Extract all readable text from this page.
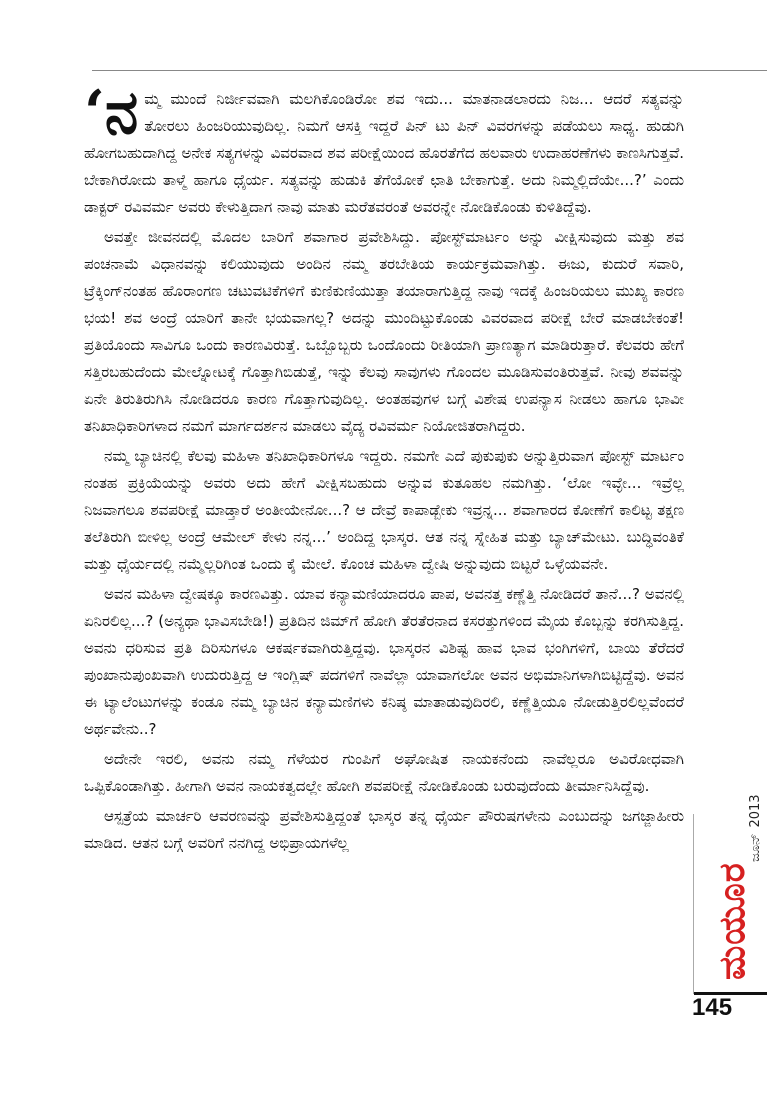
‘ನಮ್ಮ ಮುಂದೆ ನಿರ್ಜೀವವಾಗಿ ಮಲಗಿಕೊಂಡಿರೋ ಶವ ಇದು... ಮಾತನಾಡಲಾರದು ನಿಜ... ಆದರೆ ಸತ್ಯವನ್ನು ತೋರಲು ಹಿಂಜರಿಯುವುದಿಲ್ಲ. ನಿಮಗೆ ಆಸಕ್ತಿ ಇದ್ದರೆ ಪಿನ್ ಟು ಪಿನ್ ವಿವರಗಳನ್ನು ಪಡೆಯಲು ಸಾಧ್ಯ. ಹುಡುಗಿ ಹೋಗಬಹುದಾಗಿದ್ದ ಅನೇಕ ಸತ್ಯಗಳನ್ನು ವಿವರವಾದ ಶವ ಪರೀಕ್ಷೆಯಿಂದ ಹೊರತೆಗೆದ ಹಲವಾರು ಉದಾಹರಣೆಗಳು ಕಾಣಸಿಗುತ್ತವೆ. ಬೇಕಾಗಿರೋದು ತಾಳ್ಮೆ ಹಾಗೂ ಧೈರ್ಯ. ಸತ್ಯವನ್ನು ಹುಡುಕಿ ತೆಗೆಯೋಕೆ ಛಾತಿ ಬೇಕಾಗುತ್ತೆ. ಅದು ನಿಮ್ಮಲ್ಲಿದೆಯೇ...?’ ಎಂದು ಡಾಕ್ಟರ್ ರವಿವರ್ಮ ಅವರು ಕೇಳುತ್ತಿದಾಗ ನಾವು ಮಾತು ಮರೆತವರಂತೆ ಅವರನ್ನೇ ನೋಡಿಕೊಂಡು ಕುಳಿತಿದ್ದೆವು.

ಅವತ್ತೇ ಜೀವನದಲ್ಲಿ ಮೊದಲ ಬಾರಿಗೆ ಶವಾಗಾರ ಪ್ರವೇಶಿಸಿದ್ದು. ಪೋಸ್ಟ್‌ಮಾರ್ಟಂ ಅನ್ನು ವೀಕ್ಷಿಸುವುದು ಮತ್ತು ಶವ ಪಂಚನಾಮೆ ವಿಧಾನವನ್ನು ಕಲಿಯುವುದು ಅಂದಿನ ನಮ್ಮ ತರಬೇತಿಯ ಕಾರ್ಯಕ್ರಮವಾಗಿತ್ತು. ಈಜು, ಕುದುರೆ ಸವಾರಿ, ಟ್ರೆಕ್ಕಿಂಗ್‌ನಂತಹ ಹೊರಾಂಗಣ ಚಟುವಟಿಕೆಗಳಿಗೆ ಕುಣಿಕುಣಿಯುತ್ತಾ ತಯಾರಾಗುತ್ತಿದ್ದ ನಾವು ಇದಕ್ಕೆ ಹಿಂಜರಿಯಲು ಮುಖ್ಯ ಕಾರಣ ಭಯ! ಶವ ಅಂದ್ರೆ ಯಾರಿಗೆ ತಾನೇ ಭಯವಾಗಲ್ಲ? ಅದನ್ನು ಮುಂದಿಟ್ಟುಕೊಂಡು ವಿವರವಾದ ಪರೀಕ್ಷೆ ಬೇರೆ ಮಾಡಬೇಕಂತೆ! ಪ್ರತಿಯೊಂದು ಸಾವಿಗೂ ಒಂದು ಕಾರಣವಿರುತ್ತೆ. ಒಬ್ಬೊಬ್ಬರು ಒಂದೊಂದು ರೀತಿಯಾಗಿ ಪ್ರಾಣತ್ಯಾಗ ಮಾಡಿರುತ್ತಾರೆ. ಕೆಲವರು ಹೇಗೆ ಸತ್ತಿರಬಹುದೆಂದು ಮೇಲ್ನೋಟಕ್ಕೆ ಗೊತ್ತಾಗಿಬಿಡುತ್ತೆ, ಇನ್ನು ಕೆಲವು ಸಾವುಗಳು ಗೊಂದಲ ಮೂಡಿಸುವಂತಿರುತ್ತವೆ. ನೀವು ಶವವನ್ನು ಏನೇ ತಿರುತಿರುಗಿಸಿ ನೋಡಿದರೂ ಕಾರಣ ಗೊತ್ತಾಗುವುದಿಲ್ಲ. ಅಂತಹವುಗಳ ಬಗ್ಗೆ ವಿಶೇಷ ಉಪನ್ಯಾಸ ನೀಡಲು ಹಾಗೂ ಭಾವೀ ತನಿಖಾಧಿಕಾರಿಗಳಾದ ನಮಗೆ ಮಾರ್ಗದರ್ಶನ ಮಾಡಲು ವೈದ್ಯ ರವಿವರ್ಮ ನಿಯೋಜಿತರಾಗಿದ್ದರು.

ನಮ್ಮ ಬ್ಯಾಚಿನಲ್ಲಿ ಕೆಲವು ಮಹಿಳಾ ತನಿಖಾಧಿಕಾರಿಗಳೂ ಇದ್ದರು. ನಮಗೇ ಎದೆ ಪುಕುಪುಕು ಅನ್ನುತ್ತಿರುವಾಗ ಪೋಸ್ಟ್ ಮಾರ್ಟಂ ನಂತಹ ಪ್ರಕ್ರಿಯೆಯನ್ನು ಅವರು ಅದು ಹೇಗೆ ವೀಕ್ಷಿಸಬಹುದು ಅನ್ನುವ ಕುತೂಹಲ ನಮಗಿತ್ತು. ‘ಲೋ ಇವ್ಳೇ... ಇವ್ರೆಲ್ಲ ನಿಜವಾಗಲೂ ಶವಪರೀಕ್ಷೆ ಮಾಡ್ತಾರೆ ಅಂತೀಯೇನೋ...? ಆ ದೇವ್ರೆ ಕಾಪಾಡ್ಬೇಕು ಇವ್ರನ್ನ... ಶವಾಗಾರದ ಕೋಣೆಗೆ ಕಾಲಿಟ್ಟ ತಕ್ಷಣ ತಲೆತಿರುಗಿ ಬೀಳಿಲ್ಲ ಅಂದ್ರೆ ಆಮೇಲ್ ಕೇಳು ನನ್ನ...’ ಅಂದಿದ್ದ ಭಾಸ್ಕರ. ಆತ ನನ್ನ ಸ್ನೇಹಿತ ಮತ್ತು ಬ್ಯಾಚ್‌ಮೇಟು. ಬುದ್ಧಿವಂತಿಕೆ ಮತ್ತು ಧೈರ್ಯದಲ್ಲಿ ನಮ್ಮೆಲ್ಲರಿಗಿಂತ ಒಂದು ಕೈ ಮೇಲೆ. ಕೊಂಚ ಮಹಿಳಾ ದ್ವೇಷಿ ಅನ್ನುವುದು ಬಿಟ್ಟರೆ ಒಳ್ಳೆಯವನೇ.

ಅವನ ಮಹಿಳಾ ದ್ವೇಷಕ್ಕೂ ಕಾರಣವಿತ್ತು. ಯಾವ ಕನ್ಯಾಮಣಿಯಾದರೂ ಪಾಪ, ಅವನತ್ತ ಕಣ್ಣೆತ್ತಿ ನೋಡಿದರೆ ತಾನೆ...? ಅವನಲ್ಲಿ ಏನಿರಲಿಲ್ಲ...? (ಅನ್ಯಥಾ ಭಾವಿಸಬೇಡಿ!) ಪ್ರತಿದಿನ ಜಿಮ್‌ಗೆ ಹೋಗಿ ತೆರತೆರನಾದ ಕಸರತ್ತುಗಳಿಂದ ಮೈಯ ಕೊಬ್ಬನ್ನು ಕರಗಿಸುತ್ತಿದ್ದ. ಅವನು ಧರಿಸುವ ಪ್ರತಿ ದಿರಿಸುಗಳೂ ಆಕರ್ಷಕವಾಗಿರುತ್ತಿದ್ದವು. ಭಾಸ್ಕರನ ವಿಶಿಷ್ಟ ಹಾವ ಭಾವ ಭಂಗಿಗಳಿಗೆ, ಬಾಯಿ ತೆರೆದರೆ ಪುಂಖಾನುಪುಂಖವಾಗಿ ಉದುರುತ್ತಿದ್ದ ಆ ಇಂಗ್ಲಿಷ್ ಪದಗಳಿಗೆ ನಾವೆಲ್ಲಾ ಯಾವಾಗಲೋ ಅವನ ಅಭಿಮಾನಿಗಳಾಗಿಬಿಟ್ಟಿದ್ದೆವು. ಅವನ ಈ ಟ್ಯಾಲೆಂಟುಗಳನ್ನು ಕಂಡೂ ನಮ್ಮ ಬ್ಯಾಚಿನ ಕನ್ಯಾಮಣಿಗಳು ಕನಿಷ್ಠ ಮಾತಾಡುವುದಿರಲಿ, ಕಣ್ಣೆತ್ತಿಯೂ ನೋಡುತ್ತಿರಲಿಲ್ಲವೆಂದರೆ ಅರ್ಥವೇನು..?

ಅದೇನೇ ಇರಲಿ, ಅವನು ನಮ್ಮ ಗೆಳೆಯರ ಗುಂಪಿಗೆ ಅಘೋಷಿತ ನಾಯಕನೆಂದು ನಾವೆಲ್ಲರೂ ಅವಿರೋಧವಾಗಿ ಒಪ್ಪಿಕೊಂಡಾಗಿತ್ತು. ಹೀಗಾಗಿ ಅವನ ನಾಯಕತ್ವದಲ್ಲೇ ಹೋಗಿ ಶವಪರೀಕ್ಷೆ ನೋಡಿಕೊಂಡು ಬರುವುದೆಂದು ತೀರ್ಮಾನಿಸಿದ್ದೆವು.

ಆಸ್ಪತ್ರೆಯ ಮಾರ್ಚರಿ ಆವರಣವನ್ನು ಪ್ರವೇಶಿಸುತ್ತಿದ್ದಂತೆ ಭಾಸ್ಕರ ತನ್ನ ಧೈರ್ಯ ಪೌರುಷಗಳೇನು ಎಂಬುದನ್ನು ಜಗಜ್ಜಾಹೀರು ಮಾಡಿದ. ಆತನ ಬಗ್ಗೆ ಅವರಿಗೆ ನನಗಿದ್ದ ಅಭಿಪ್ರಾಯಗಳೆಲ್ಲ	ಜೂನ್2013
ಮಯೂರ
145
